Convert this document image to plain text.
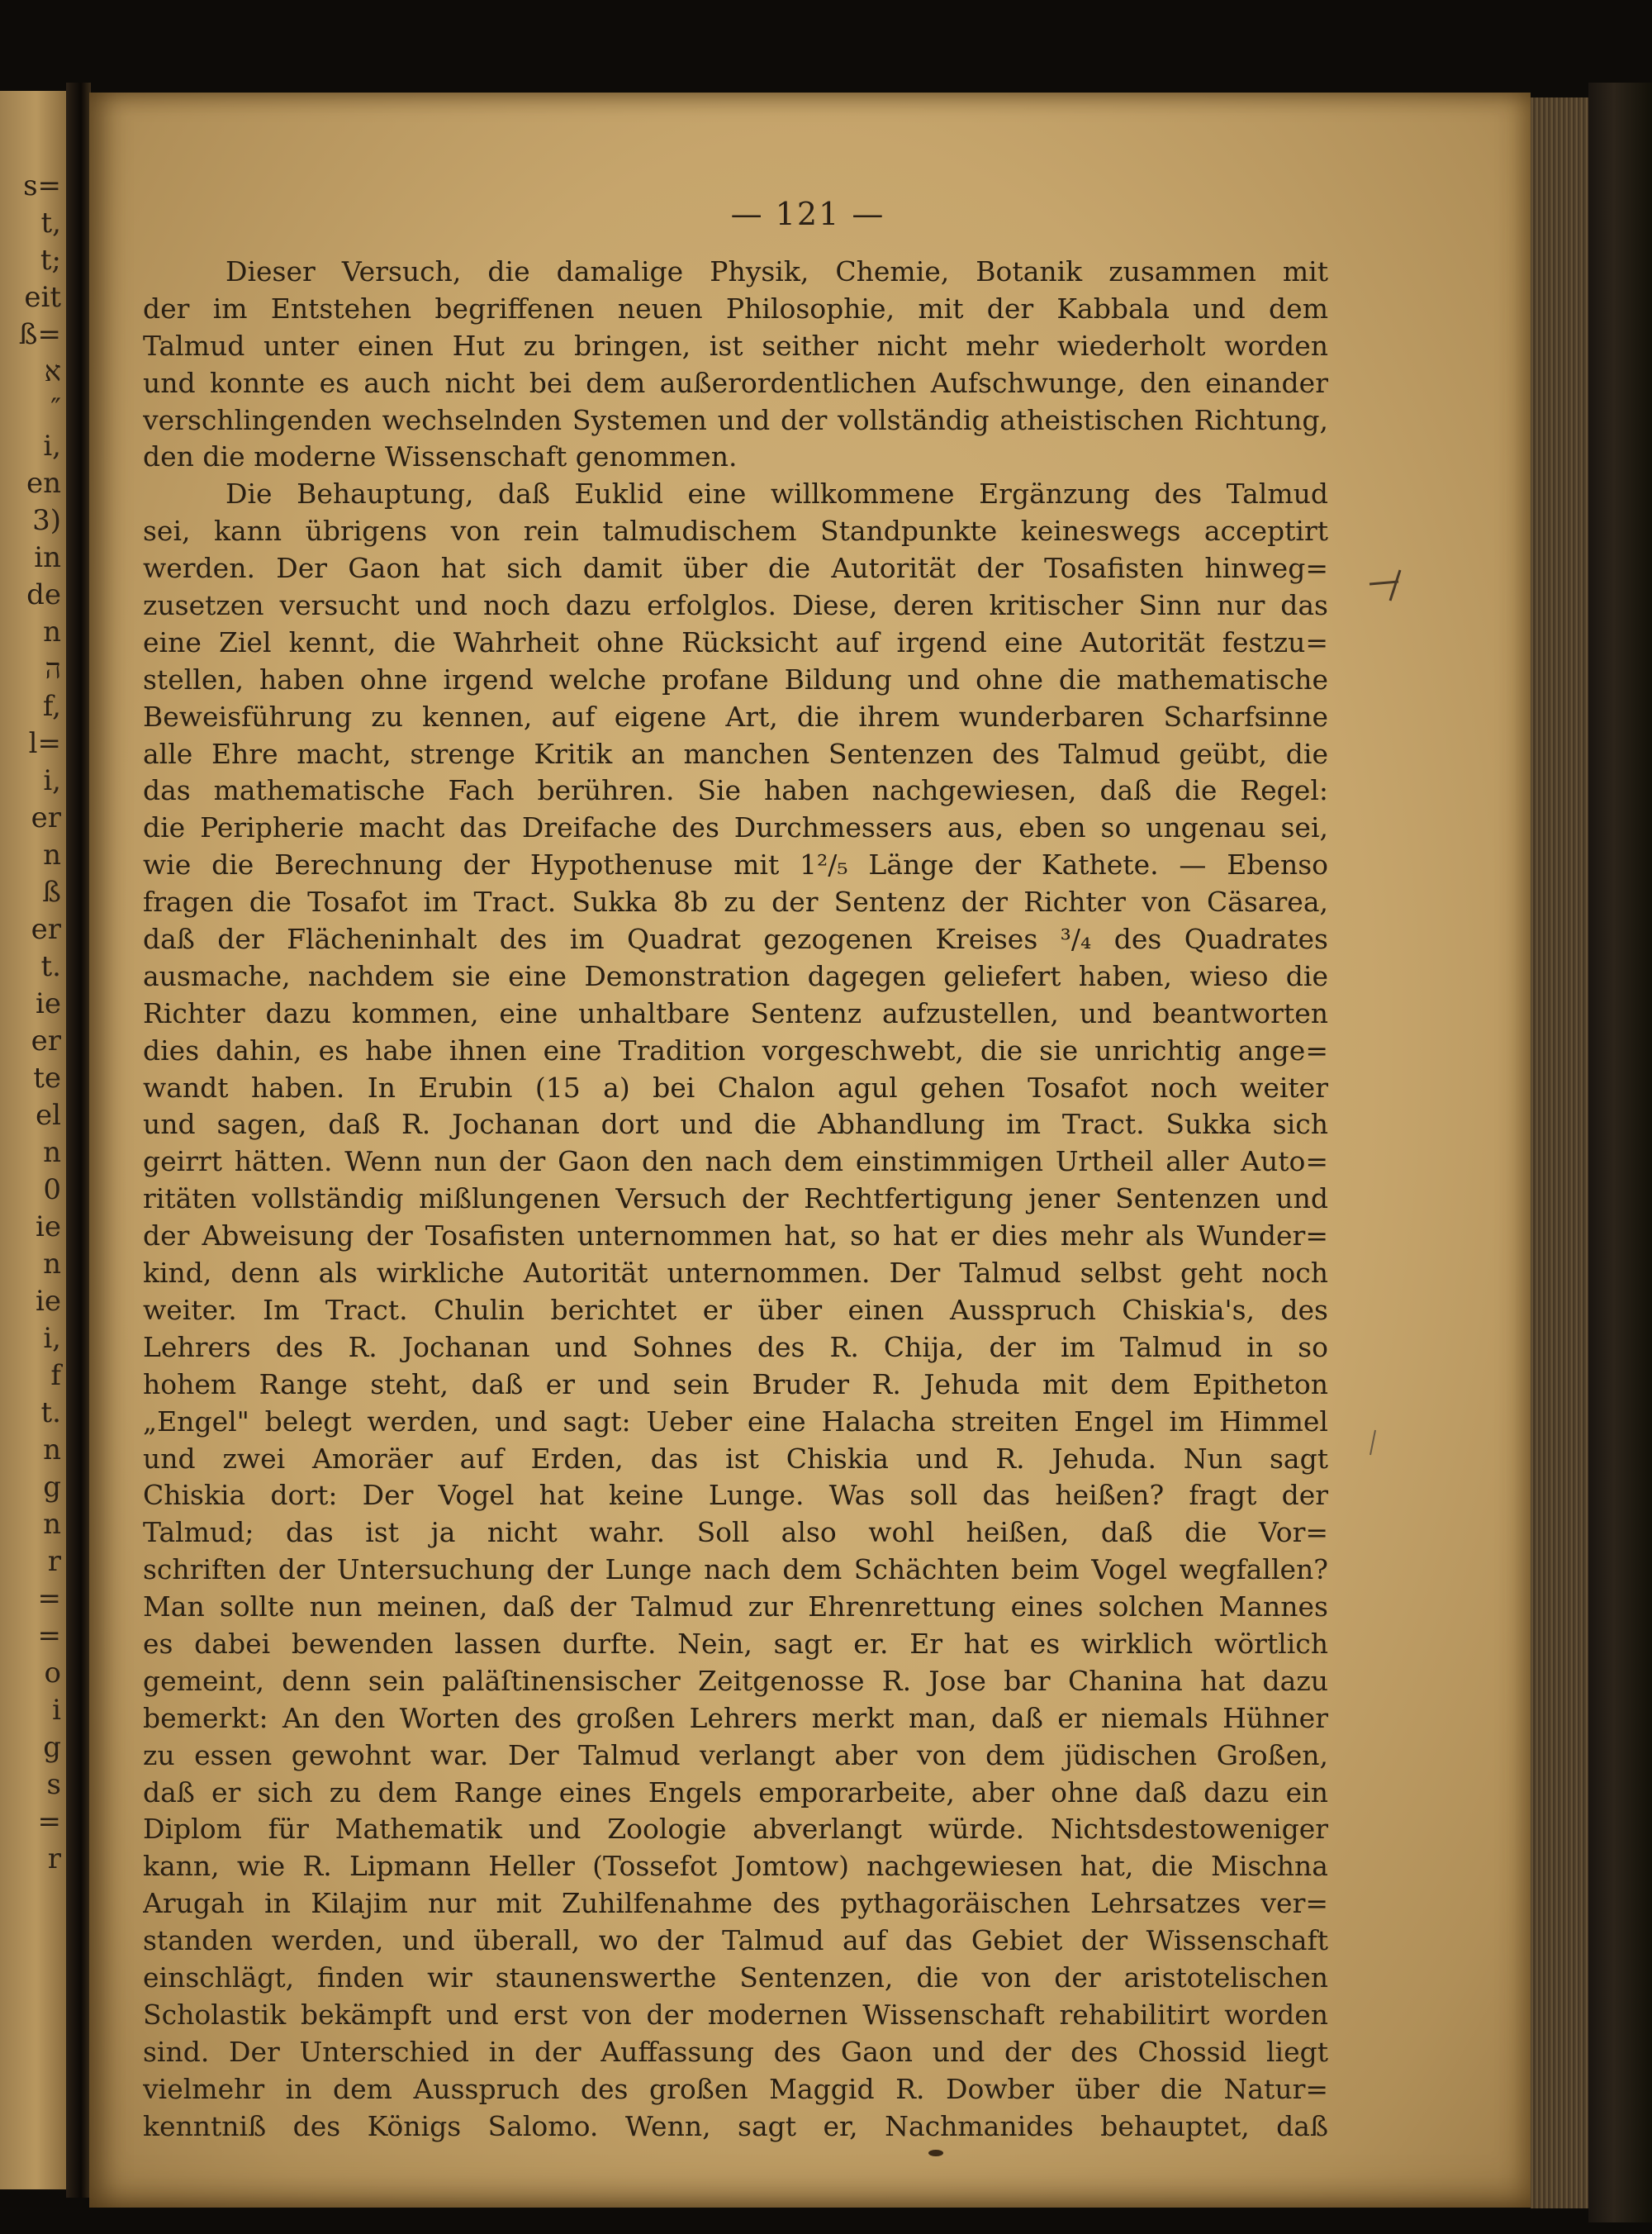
s=
t,
t;
eit
ß=
א
″
i,
en
3)
in
de
n
ה
f,
l=
i,
er
n
ß
er
t.
ie
er
te
el
n
0
ie
n
ie
i,
f
t.
n
g
n
r
=
=
o
i
g
s
=
r
— 121 —
Dieser Versuch, die damalige Physik, Chemie, Botanik zusammen mit
der im Entstehen begriffenen neuen Philosophie, mit der Kabbala und dem
Talmud unter einen Hut zu bringen, ist seither nicht mehr wiederholt worden
und konnte es auch nicht bei dem außerordentlichen Aufschwunge, den einander
verschlingenden wechselnden Systemen und der vollständig atheistischen Richtung,
den die moderne Wissenschaft genommen.
Die Behauptung, daß Euklid eine willkommene Ergänzung des Talmud
sei, kann übrigens von rein talmudischem Standpunkte keineswegs acceptirt
werden. Der Gaon hat sich damit über die Autorität der Tosafisten hinweg=
zusetzen versucht und noch dazu erfolglos. Diese, deren kritischer Sinn nur das
eine Ziel kennt, die Wahrheit ohne Rücksicht auf irgend eine Autorität festzu=
stellen, haben ohne irgend welche profane Bildung und ohne die mathematische
Beweisführung zu kennen, auf eigene Art, die ihrem wunderbaren Scharfsinne
alle Ehre macht, strenge Kritik an manchen Sentenzen des Talmud geübt, die
das mathematische Fach berühren. Sie haben nachgewiesen, daß die Regel:
die Peripherie macht das Dreifache des Durchmessers aus, eben so ungenau sei,
wie die Berechnung der Hypothenuse mit 1²/₅ Länge der Kathete. — Ebenso
fragen die Tosafot im Tract. Sukka 8b zu der Sentenz der Richter von Cäsarea,
daß der Flächeninhalt des im Quadrat gezogenen Kreises ³/₄ des Quadrates
ausmache, nachdem sie eine Demonstration dagegen geliefert haben, wieso die
Richter dazu kommen, eine unhaltbare Sentenz aufzustellen, und beantworten
dies dahin, es habe ihnen eine Tradition vorgeschwebt, die sie unrichtig ange=
wandt haben. In Erubin (15 a) bei Chalon agul gehen Tosafot noch weiter
und sagen, daß R. Jochanan dort und die Abhandlung im Tract. Sukka sich
geirrt hätten. Wenn nun der Gaon den nach dem einstimmigen Urtheil aller Auto=
ritäten vollständig mißlungenen Versuch der Rechtfertigung jener Sentenzen und
der Abweisung der Tosafisten unternommen hat, so hat er dies mehr als Wunder=
kind, denn als wirkliche Autorität unternommen. Der Talmud selbst geht noch
weiter. Im Tract. Chulin berichtet er über einen Ausspruch Chiskia's, des
Lehrers des R. Jochanan und Sohnes des R. Chija, der im Talmud in so
hohem Range steht, daß er und sein Bruder R. Jehuda mit dem Epitheton
„Engel" belegt werden, und sagt: Ueber eine Halacha streiten Engel im Himmel
und zwei Amoräer auf Erden, das ist Chiskia und R. Jehuda. Nun sagt
Chiskia dort: Der Vogel hat keine Lunge. Was soll das heißen? fragt der
Talmud; das ist ja nicht wahr. Soll also wohl heißen, daß die Vor=
schriften der Untersuchung der Lunge nach dem Schächten beim Vogel wegfallen?
Man sollte nun meinen, daß der Talmud zur Ehrenrettung eines solchen Mannes
es dabei bewenden lassen durfte. Nein, sagt er. Er hat es wirklich wörtlich
gemeint, denn sein paläſtinensischer Zeitgenosse R. Jose bar Chanina hat dazu
bemerkt: An den Worten des großen Lehrers merkt man, daß er niemals Hühner
zu essen gewohnt war. Der Talmud verlangt aber von dem jüdischen Großen,
daß er sich zu dem Range eines Engels emporarbeite, aber ohne daß dazu ein
Diplom für Mathematik und Zoologie abverlangt würde. Nichtsdestoweniger
kann, wie R. Lipmann Heller (Tossefot Jomtow) nachgewiesen hat, die Mischna
Arugah in Kilajim nur mit Zuhilfenahme des pythagoräischen Lehrsatzes ver=
standen werden, und überall, wo der Talmud auf das Gebiet der Wissenschaft
einschlägt, finden wir staunenswerthe Sentenzen, die von der aristotelischen
Scholastik bekämpft und erst von der modernen Wissenschaft rehabilitirt worden
sind. Der Unterschied in der Auffassung des Gaon und der des Chossid liegt
vielmehr in dem Ausspruch des großen Maggid R. Dowber über die Natur=
kenntniß des Königs Salomo. Wenn, sagt er, Nachmanides behauptet, daß
